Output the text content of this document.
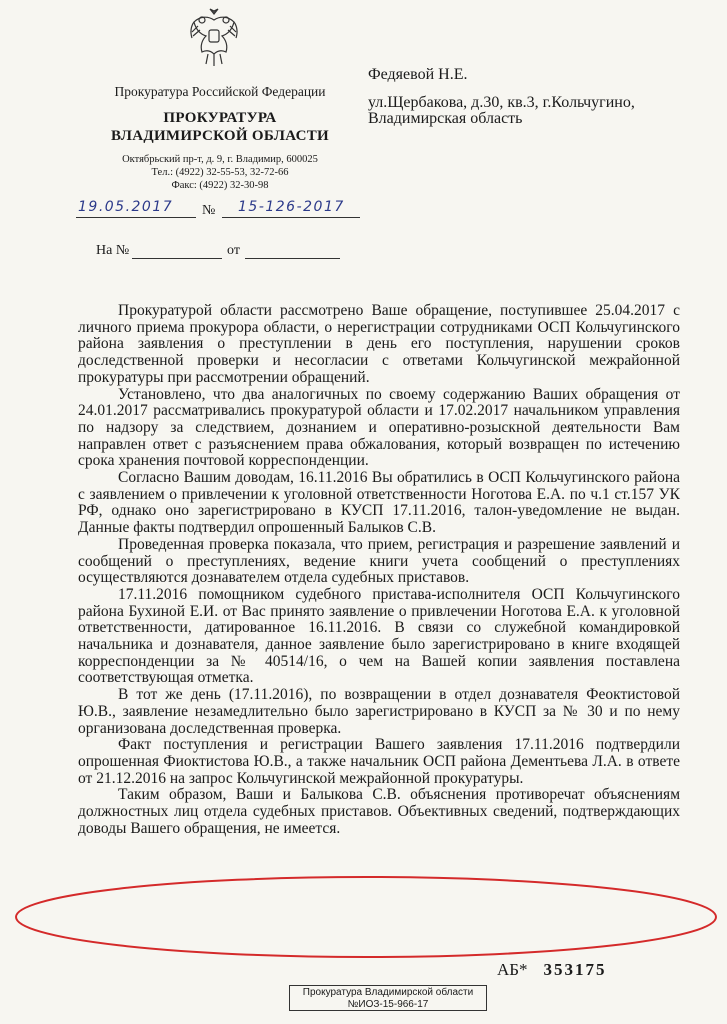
Прокуратура Российской Федерации
ПРОКУРАТУРА
ВЛАДИМИРСКОЙ ОБЛАСТИ
Октябрьский пр-т, д. 9, г. Владимир, 600025
Тел.: (4922) 32-55-53, 32-72-66
Факс: (4922) 32-30-98
Федяевой Н.Е.
ул.Щербакова, д.30, кв.3, г.Кольчугино,
Владимирская область
19.05.2017 № 15-126-2017
На №	от

Прокуратурой области рассмотрено Ваше обращение, поступившее 25.04.2017 с личного приема прокурора области, о нерегистрации сотрудниками ОСП Кольчугинского района заявления о преступлении в день его поступления, нарушении сроков доследственной проверки и несогласии с ответами Кольчугинской межрайонной прокуратуры при рассмотрении обращений.

Установлено, что два аналогичных по своему содержанию Ваших обращения от 24.01.2017 рассматривались прокуратурой области и 17.02.2017 начальником управления по надзору за следствием, дознанием и оперативно-розыскной деятельности Вам направлен ответ с разъяснением права обжалования, который возвращен по истечению срока хранения почтовой корреспонденции.

Согласно Вашим доводам, 16.11.2016 Вы обратились в ОСП Кольчугинского района с заявлением о привлечении к уголовной ответственности Ноготова Е.А. по ч.1 ст.157 УК РФ, однако оно зарегистрировано в КУСП 17.11.2016, талон-уведомление не выдан. Данные факты подтвердил опрошенный Балыков С.В.

Проведенная проверка показала, что прием, регистрация и разрешение заявлений и сообщений о преступлениях, ведение книги учета сообщений о преступлениях осуществляются дознавателем отдела судебных приставов.

17.11.2016 помощником судебного пристава-исполнителя ОСП Кольчугинского района Бухиной Е.И. от Вас принято заявление о привлечении Ноготова Е.А. к уголовной ответственности, датированное 16.11.2016. В связи со служебной командировкой начальника и дознавателя, данное заявление было зарегистрировано в книге входящей корреспонденции за № 40514/16, о чем на Вашей копии заявления поставлена соответствующая отметка.

В тот же день (17.11.2016), по возвращении в отдел дознавателя Феоктистовой Ю.В., заявление незамедлительно было зарегистрировано в КУСП за № 30 и по нему организована доследственная проверка.

Факт поступления и регистрации Вашего заявления 17.11.2016 подтвердили опрошенная Фиоктистова Ю.В., а также начальник ОСП района Дементьева Л.А. в ответе от 21.12.2016 на запрос Кольчугинской межрайонной прокуратуры.

Таким образом, Ваши и Балыкова С.В. объяснения противоречат объяснениям должностных лиц отдела судебных приставов. Объективных сведений, подтверждающих доводы Вашего обращения, не имеется.

АБ* 353175
Прокуратура Владимирской области
№ИОЗ-15-966-17
